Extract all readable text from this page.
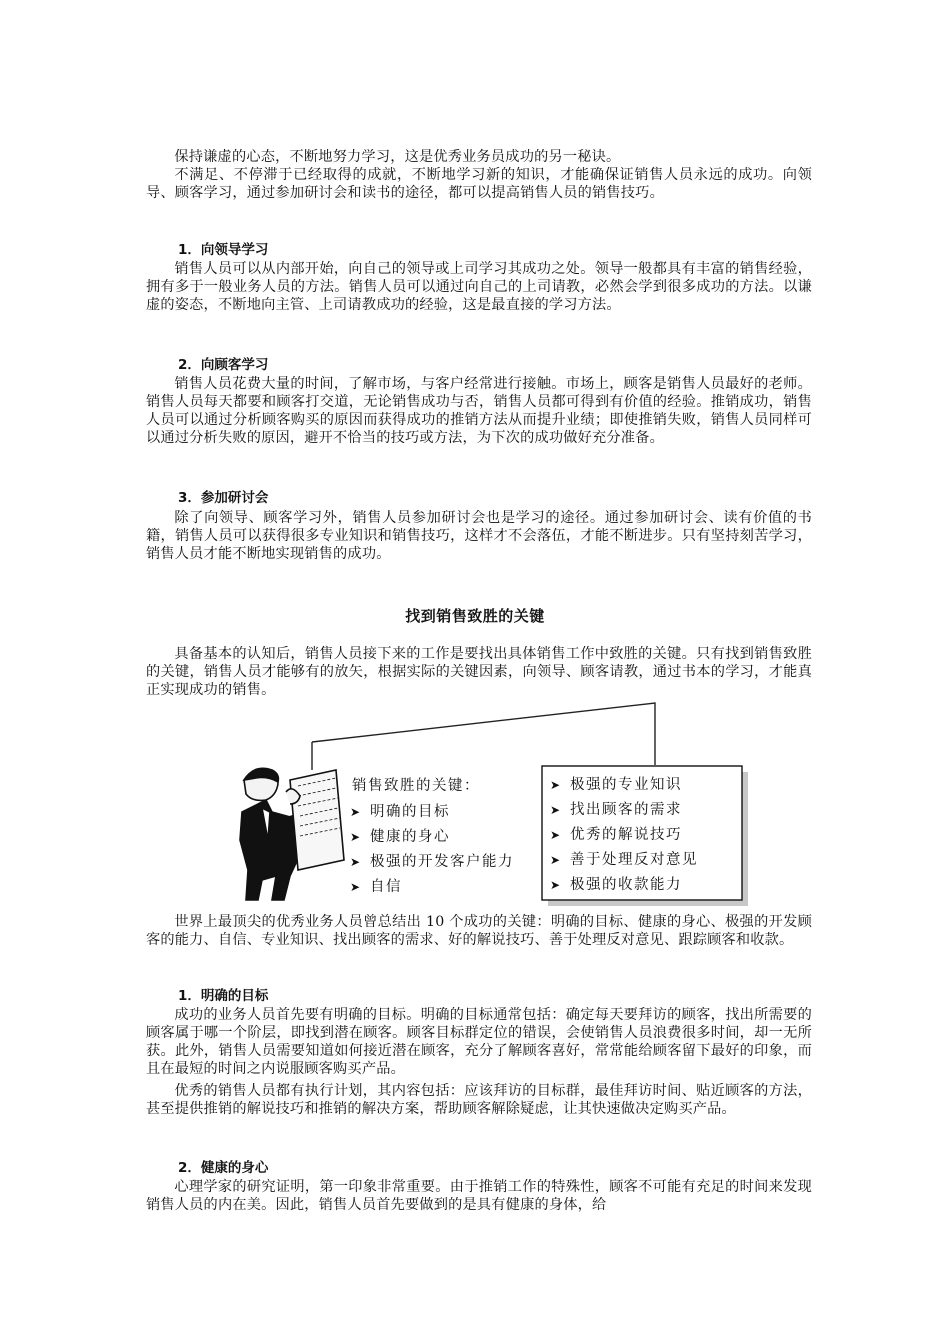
保持谦虚的心态，不断地努力学习，这是优秀业务员成功的另一秘诀。

不满足、不停滞于已经取得的成就，不断地学习新的知识，才能确保证销售人员永远的成功。向领导、顾客学习，通过参加研讨会和读书的途径，都可以提高销售人员的销售技巧。

1．向领导学习

销售人员可以从内部开始，向自己的领导或上司学习其成功之处。领导一般都具有丰富的销售经验，拥有多于一般业务人员的方法。销售人员可以通过向自己的上司请教，必然会学到很多成功的方法。以谦虚的姿态，不断地向主管、上司请教成功的经验，这是最直接的学习方法。

2．向顾客学习

销售人员花费大量的时间，了解市场，与客户经常进行接触。市场上，顾客是销售人员最好的老师。销售人员每天都要和顾客打交道，无论销售成功与否，销售人员都可得到有价值的经验。推销成功，销售人员可以通过分析顾客购买的原因而获得成功的推销方法从而提升业绩；即使推销失败，销售人员同样可以通过分析失败的原因，避开不恰当的技巧或方法，为下次的成功做好充分准备。

3．参加研讨会

除了向领导、顾客学习外，销售人员参加研讨会也是学习的途径。通过参加研讨会、读有价值的书籍，销售人员可以获得很多专业知识和销售技巧，这样才不会落伍，才能不断进步。只有坚持刻苦学习，销售人员才能不断地实现销售的成功。

找到销售致胜的关键

具备基本的认知后，销售人员接下来的工作是要找出具体销售工作中致胜的关键。只有找到销售致胜的关键，销售人员才能够有的放矢，根据实际的关键因素，向领导、顾客请教，通过书本的学习，才能真正实现成功的销售。

销售致胜的关键：
➤ 明确的目标
➤ 健康的身心
➤ 极强的开发客户能力
➤ 自信
➤ 极强的专业知识
➤ 找出顾客的需求
➤ 优秀的解说技巧
➤ 善于处理反对意见
➤ 极强的收款能力

世界上最顶尖的优秀业务人员曾总结出 10 个成功的关键：明确的目标、健康的身心、极强的开发顾客的能力、自信、专业知识、找出顾客的需求、好的解说技巧、善于处理反对意见、跟踪顾客和收款。

1．明确的目标

成功的业务人员首先要有明确的目标。明确的目标通常包括：确定每天要拜访的顾客，找出所需要的顾客属于哪一个阶层，即找到潜在顾客。顾客目标群定位的错误，会使销售人员浪费很多时间，却一无所获。此外，销售人员需要知道如何接近潜在顾客，充分了解顾客喜好，常常能给顾客留下最好的印象，而且在最短的时间之内说服顾客购买产品。

优秀的销售人员都有执行计划，其内容包括：应该拜访的目标群，最佳拜访时间、贴近顾客的方法，甚至提供推销的解说技巧和推销的解决方案，帮助顾客解除疑虑，让其快速做决定购买产品。

2．健康的身心

心理学家的研究证明，第一印象非常重要。由于推销工作的特殊性，顾客不可能有充足的时间来发现销售人员的内在美。因此，销售人员首先要做到的是具有健康的身体，给
